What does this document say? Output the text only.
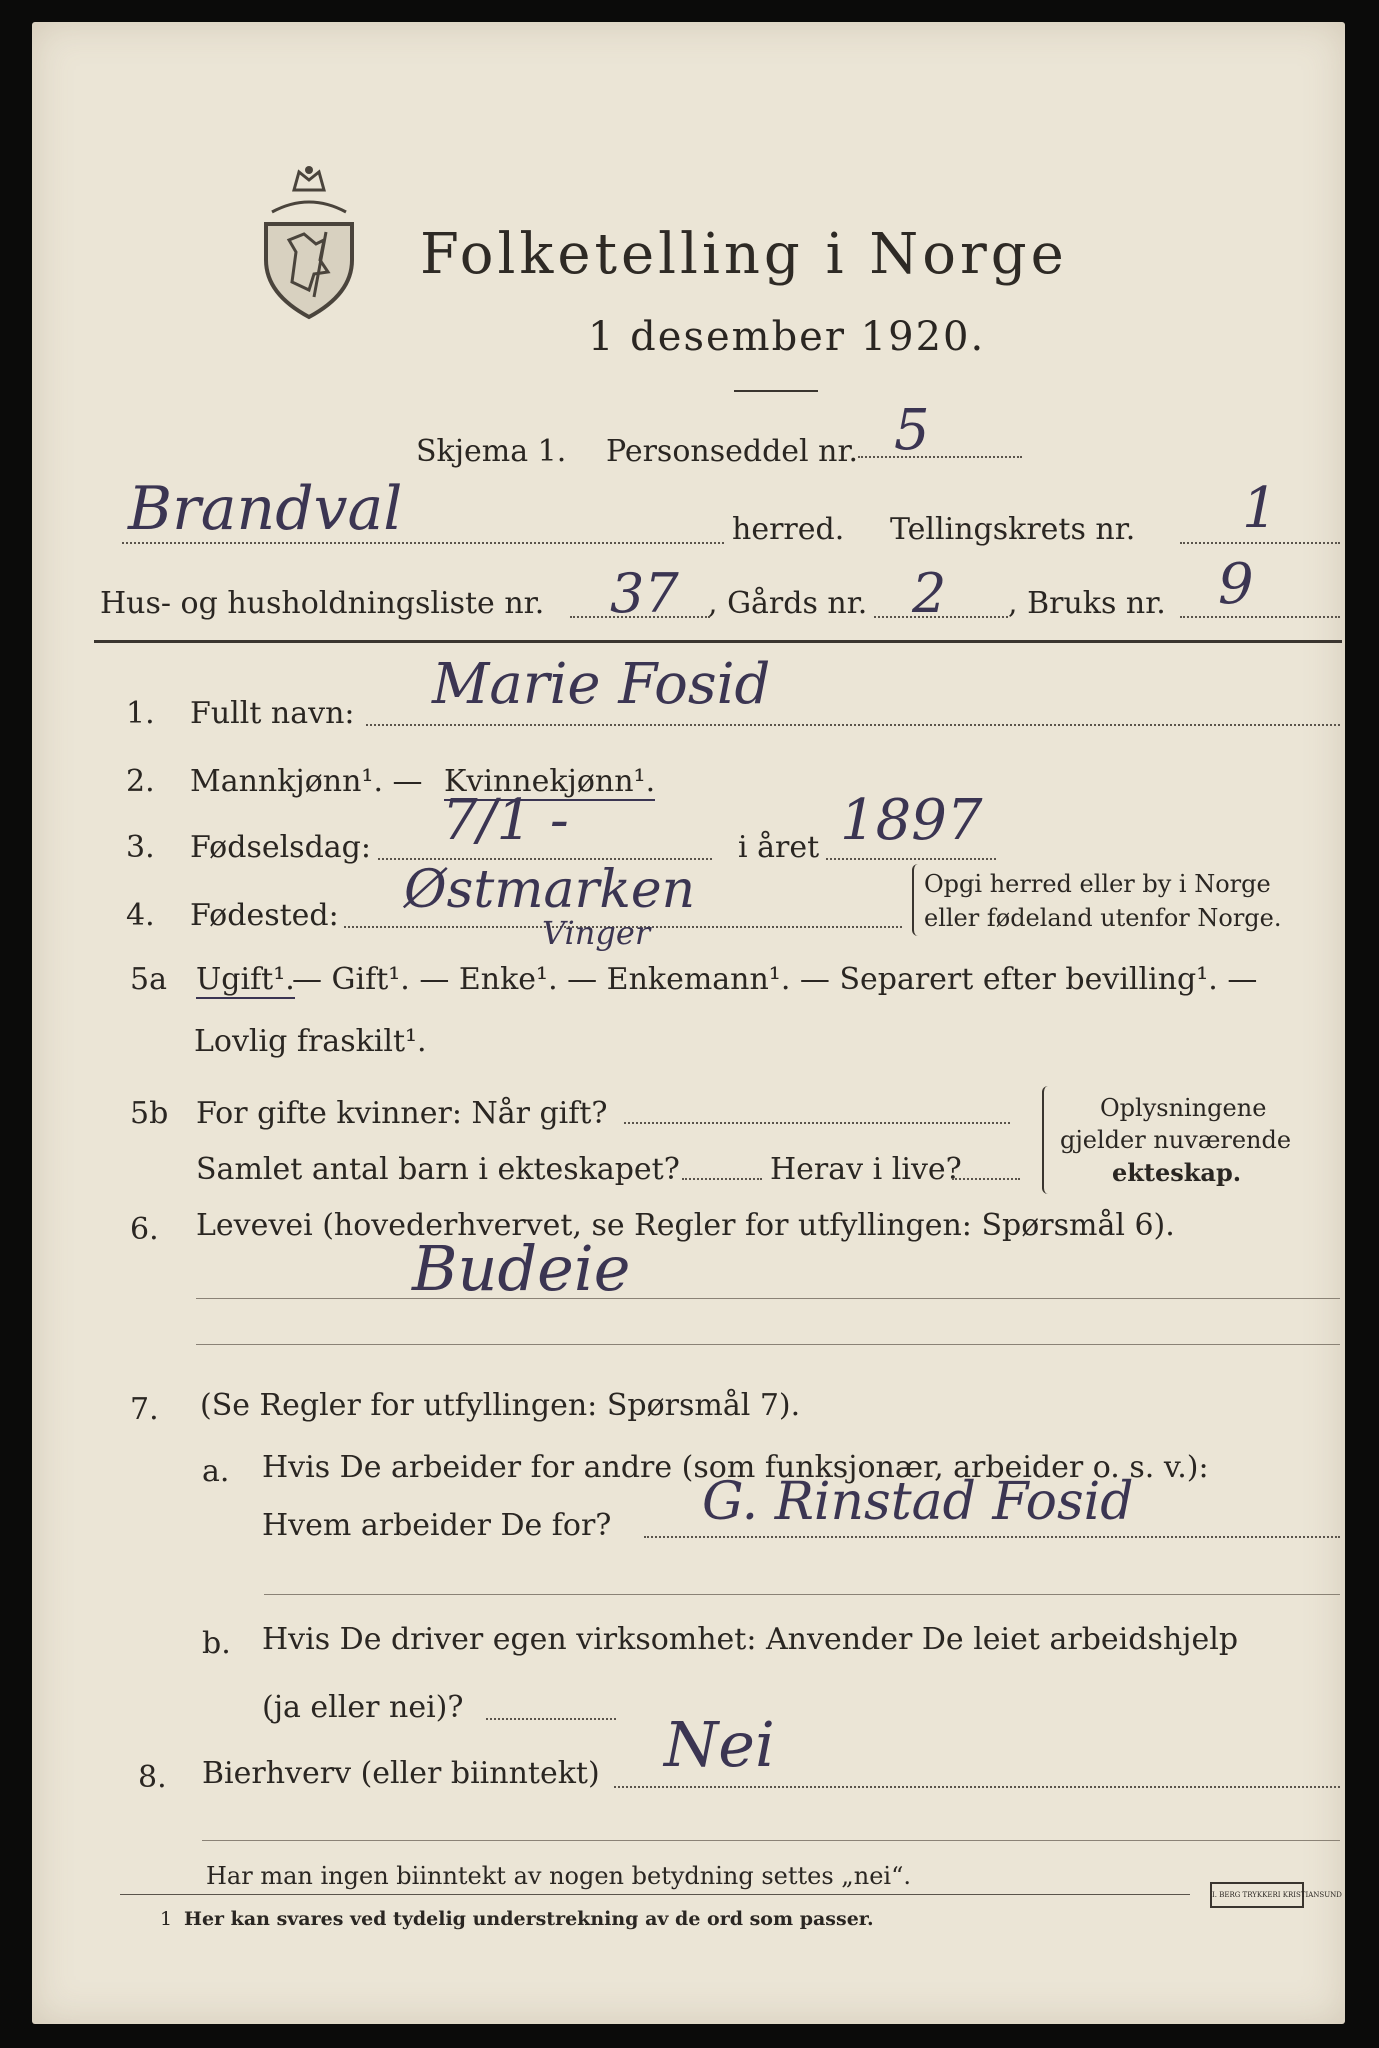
Folketelling i Norge
1 desember 1920.
Skjema 1. Personseddel nr. 5
Brandval	herred. Tellingskrets nr. 1
Hus- og husholdningsliste nr. 37 , Gårds nr. 2 , Bruks nr. 9
1. Fullt navn: Marie Fosid
2. Mannkjønn¹. — Kvinnekjønn¹.
3. Fødselsdag: 7/1 -	i året 1897
4. Fødested: Østmarken
Vinger
Opgi herred eller by i Norge
eller fødeland utenfor Norge.
5a Ugift¹.
— Gift¹. — Enke¹. — Enkemann¹. — Separert efter bevilling¹. —
Lovlig fraskilt¹.
5b For gifte kvinner: Når gift?
Samlet antal barn i ekteskapet?	Herav i live?
Oplysningene
gjelder nuværende
ekteskap.
6. Levevei (hovederhvervet, se Regler for utfyllingen: Spørsmål 6).
Budeie
7. (Se Regler for utfyllingen: Spørsmål 7).
a. Hvis De arbeider for andre (som funksjonær, arbeider o. s. v.):
Hvem arbeider De for? G. Rinstad Fosid
b. Hvis De driver egen virksomhet: Anvender De leiet arbeidshjelp
(ja eller nei)?
8. Bierhverv (eller biinntekt) Nei
Har man ingen biinntekt av nogen betydning settes „nei“.
1 Her kan svares ved tydelig understrekning av de ord som passer.
I. BERG TRYKKERI KRISTIANSUND
